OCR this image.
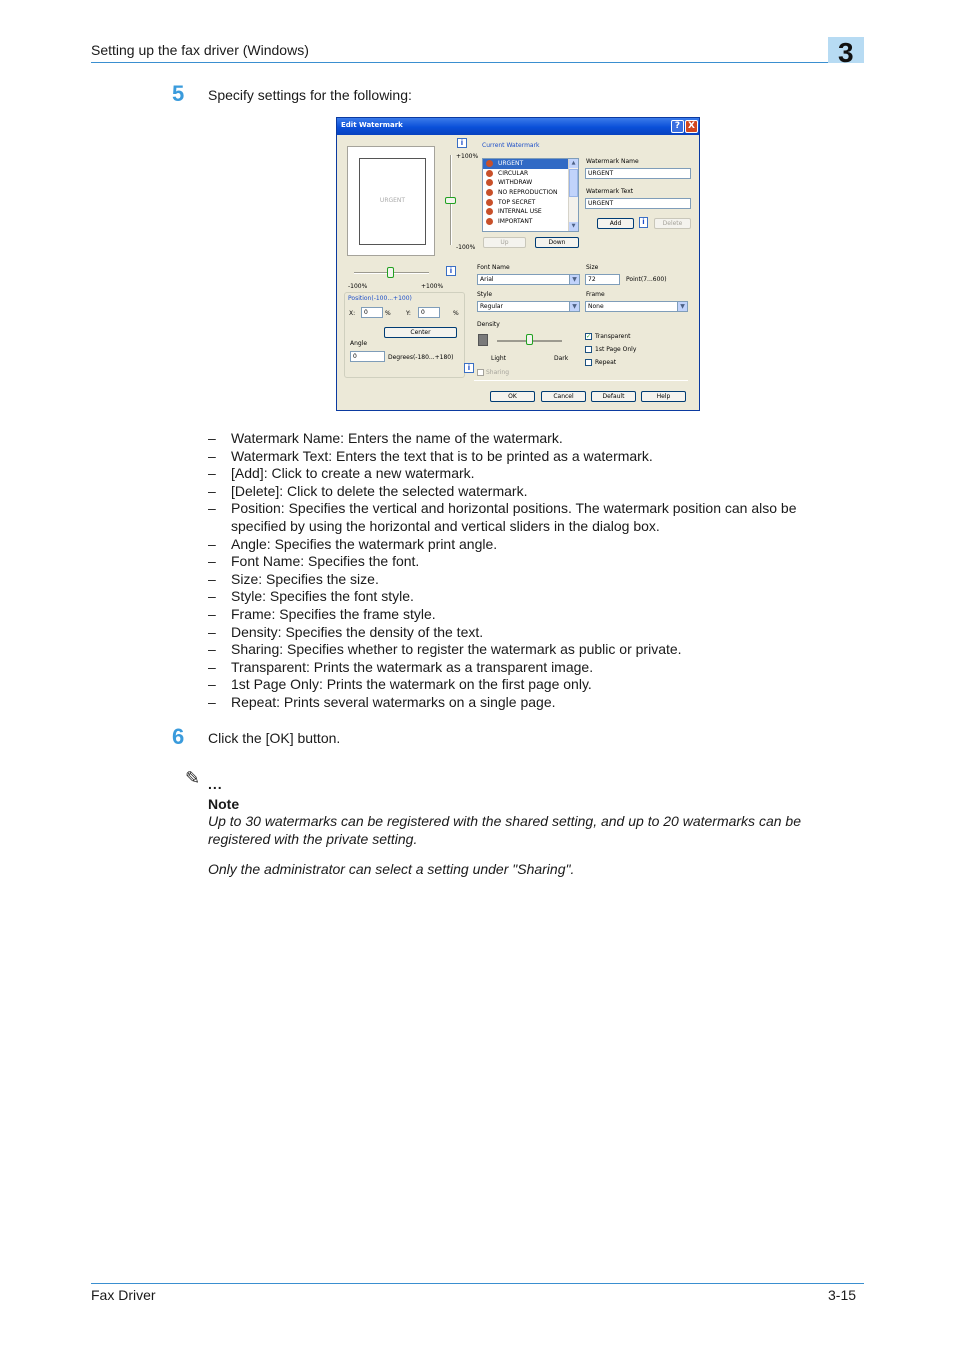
Setting up the fax driver (Windows)	3
5 Specify settings for the following:
Edit Watermark	? X
URGENT
i
+100%
-100%
i
-100%	+100%
Position(-100...+100)
X:	0	%	Y:	0	%
Center
Angle
0	Degrees(-180...+180)
i
Sharing
Current Watermark
URGENT
CIRCULAR
WITHDRAW
NO REPRODUCTION
TOP SECRET
INTERNAL USE
IMPORTANT
▲
▼
Up	Down
Watermark Name
URGENT
Watermark Text
URGENT
Add	i	Delete
Font Name
Arial	▼
Size
72	Point(7...600)
Style
Regular	▼
Frame
None	▼
Density
Light	Dark
✓ Transparent
1st Page Only
Repeat
OK	Cancel	Default	Help
– Watermark Name: Enters the name of the watermark.
– Watermark Text: Enters the text that is to be printed as a watermark.
– [Add]: Click to create a new watermark.
– [Delete]: Click to delete the selected watermark.
– Position: Specifies the vertical and horizontal positions. The watermark position can also be specified by using the horizontal and vertical sliders in the dialog box.
– Angle: Specifies the watermark print angle.
– Font Name: Specifies the font.
– Size: Specifies the size.
– Style: Specifies the font style.
– Frame: Specifies the frame style.
– Density: Specifies the density of the text.
– Sharing: Specifies whether to register the watermark as public or private.
– Transparent: Prints the watermark as a transparent image.
– 1st Page Only: Prints the watermark on the first page only.
– Repeat: Prints several watermarks on a single page.
6 Click the [OK] button.
✎ ...
Note
Up to 30 watermarks can be registered with the shared setting, and up to 20 watermarks can be registered with the private setting.
Only the administrator can select a setting under "Sharing".
Fax Driver	3-15
